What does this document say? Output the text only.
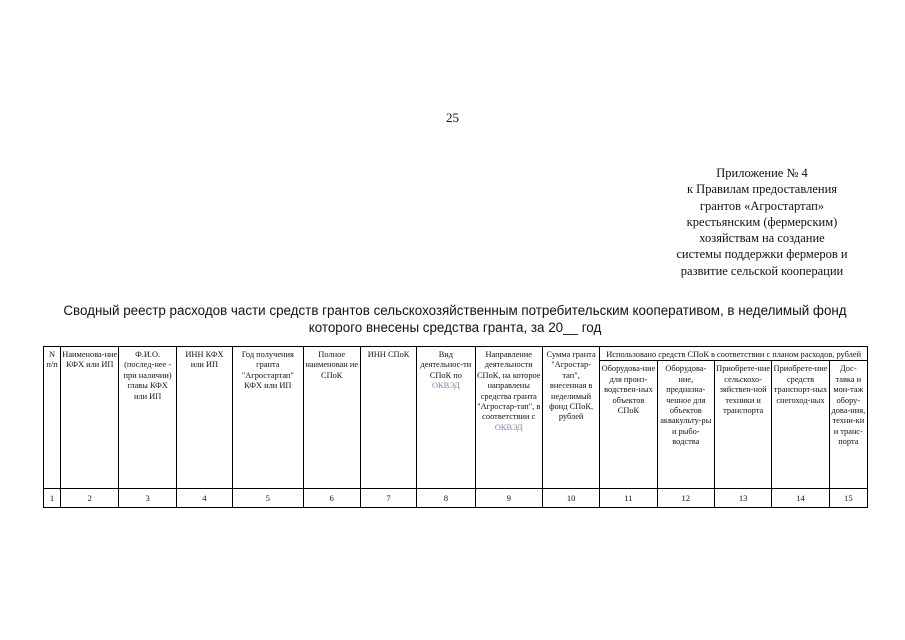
25
Приложение № 4
к Правилам предоставления
грантов «Агростартап»
крестьянским (фермерским)
хозяйствам на создание
системы поддержки фермеров и
развитие сельской кооперации
Сводный реестр расходов части средств грантов сельскохозяйственным потребительским кооперативом, в неделимый фонд
которого внесены средства гранта, за 20__ год
N п/п	Наименова-ние КФХ или ИП	Ф.И.О. (послед-нее - при наличии) главы КФХ или ИП	ИНН КФХ или ИП	Год получения гранта "Агростартап" КФХ или ИП	Полное наименован ие СПоК	ИНН СПоК	Вид деятельнос-ти СПоК по ОКВЭД	Направление деятельности СПоК, на которое направлены средства гранта "Агростар-тап", в соответствии с ОКВЭД	Сумма гранта "Агростар-тап", внесенная в неделимый фонд СПоК, рублей	Использовано средств СПоК в соответствии с планом расходов, рублей				
										Оборудова-ние для произ-водствен-ных объектов СПоК	Оборудова-ние, предназна-ченное для объектов аквакульту-ры и рыбо-водства	Приобрете-ние сельскохо-зяйствен-ной техники и транспорта	Приобрете-ние средств транспорт-ных снегоход-ных	Дос-тавка и мон-таж обору-дова-ния, техни-ки и транс-порта
1	2	3	4	5	6	7	8	9	10	11	12	13	14	15
